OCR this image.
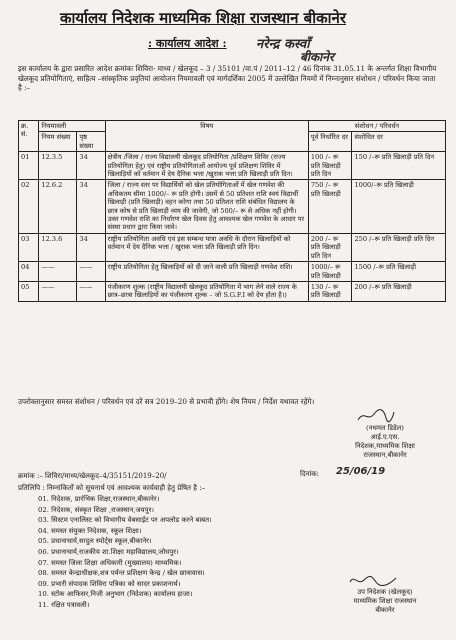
कार्यालय निदेशक माध्यमिक शिक्षा राजस्थान बीकानेर
: कार्यालय आदेश : नरेन्द्र कस्वाँ
बीकानेर
इस कार्यालय के द्वारा प्रसारित आदेश क्रमांकः शिविरा- माध्य / खेलकूद – 3 / 35101 /वा.पं / 2011–12 / 46 दिनांक 31.05.11 के अन्तर्गत शिक्षा विभागीय खेलकूद प्रतियोगिताएं, साहित्य –सांस्कृतिक प्रवृतियां आयोजन नियमावली एवं मार्गदर्शिका 2005 में उल्लेखित नियमों में निम्नानुसार संशोधन / परिवर्धन किया जाता है :–
क्र. सं.	नियमावली		विषय	संशोधन / परिवर्धन	
	नियम संख्या	पृष्ठ संख्या		पूर्व निर्धारित दर	संशोधित दर
01	12.3.5	34	क्षेत्रीय /जिला / राज्य विद्यालयी खेलकूद प्रतियोगिता /प्रशिक्षण शिविर (राज्य प्रतियोगिता हेतु) एवं राष्ट्रीय प्रतियोगिताओं आयोज्य पूर्व प्रशिक्षण शिविर में खिलाड़ियों को वर्तमान में देय दैनिक भत्ता /खुराक भत्ता प्रति खिलाड़ी प्रति दिन।	100 /– रू प्रति खिलाड़ी प्रति दिन	150 /–रू प्रति खिलाड़ी प्रति दिन
02	12.6.2	34	जिला / राज्य स्तर पर विद्यार्थियों को खेल प्रतियोगिताओं में खेल गणवेश की अधिकतम सीमा 1000/– रू प्रति होगी। उसमें से 50 प्रतिशत राशि स्वयं विद्यार्थी खिलाड़ी (प्रति खिलाड़ी) वहन करेगा तथा 50 प्रतिशत राशि संबंधित विद्यालय के छात्र कोष से प्रति खिलाड़ी व्यय की जावेगी, जो 500/– रू से अधिक नहीं होगी। उक्त गणवेश राशि का निर्धारण खेल दिवस हेतु आवश्यक खेल गणवेश के आधार पर संस्था प्रधान द्वारा किया जावे।	750 /– रू प्रति खिलाड़ी	1000/–रू प्रति खिलाड़ी
03	12.3.6	34	राष्ट्रीय प्रतियोगिता अवधि एवं इस सम्बन्ध यात्रा अवधि के दौरान खिलाड़ियों को वर्तमान में देय दैनिक भत्ता / खुराक भत्ता प्रति खिलाड़ी प्रति दिन।	200 /– रू प्रति खिलाड़ी प्रति दिन	250 /–रू प्रति खिलाड़ी प्रति दिन
04	——	——	राष्ट्रीय प्रतियोगिता हेतु खिलाड़ियों को दी जाने वाली प्रति खिलाड़ी गणवेश राशि।	1000/– रू प्रति खिलाड़ी	1500 /–रू प्रति खिलाड़ी
05	——	——	पंजीकरण शुल्क (राष्ट्रीय विद्यालयी खेलकूद प्रतियोगिता में भाग लेने वाले राज्य के छात्र–छात्रा खिलाड़ियों का पंजीकरण शुल्क – जो S.G.F.I को देय होता है।)	130 /– रू प्रति खिलाड़ी	200 /–रू प्रति खिलाड़ी
उपरोक्तानुसार समस्त संशोधन / परिवर्धन एवं दरें सत्र 2019–20 से प्रभावी होंगे। शेष नियम / निर्देश यथावत रहेंगे।
(नथमल डिडेल)
आई.ए.एस.
निदेशक,माध्यमिक शिक्षा
राजस्थान,बीकानेर
क्रमांक :– शिविरा/माध्य/खेलकूद–4/35151/2019–20/	दिनांक: 25/06/19
प्रतिलिपि : निम्नांकितों को सूचनार्थ एवं आवश्यक कार्यवाही हेतु प्रेषित है :–
01. निदेशक, प्रारंभिक शिक्षा,राजस्थान,बीकानेर।
02. निदेशक, संस्कृत शिक्षा ,राजस्थान,जयपुर।
03. सिस्टम एनालिस्ट को विभागीय वेबसाईट पर अपलोड करने बाबत।
04. समस्त संयुक्त निदेशक, स्कूल शिक्षा।
05. प्रधानाचार्य,सादुल स्पोर्ट्स स्कूल,बीकानेर।
06. प्रधानाचार्य,राजकीय शा.शिक्षा महाविद्यालय,जोधपुर।
07. समस्त जिला शिक्षा अधिकारी (मुख्यालय) माध्यमिक।
08. समस्त केन्द्राधीक्षक,शत्र पर्यन्त प्रशिक्षण केन्द्र / खेल छात्रावास।
09. प्रभारी संपादक शिविरा पत्रिका को सादर प्रकाशनार्थ।
10. स्टॉक आफिसर,निजी अनुभाग (निदेशक) कार्यालय हाजा।
11. रक्षित पत्रावली।
उप निदेशक (खेलकूद)
माध्यमिक शिक्षा राजस्थान
बीकानेर
